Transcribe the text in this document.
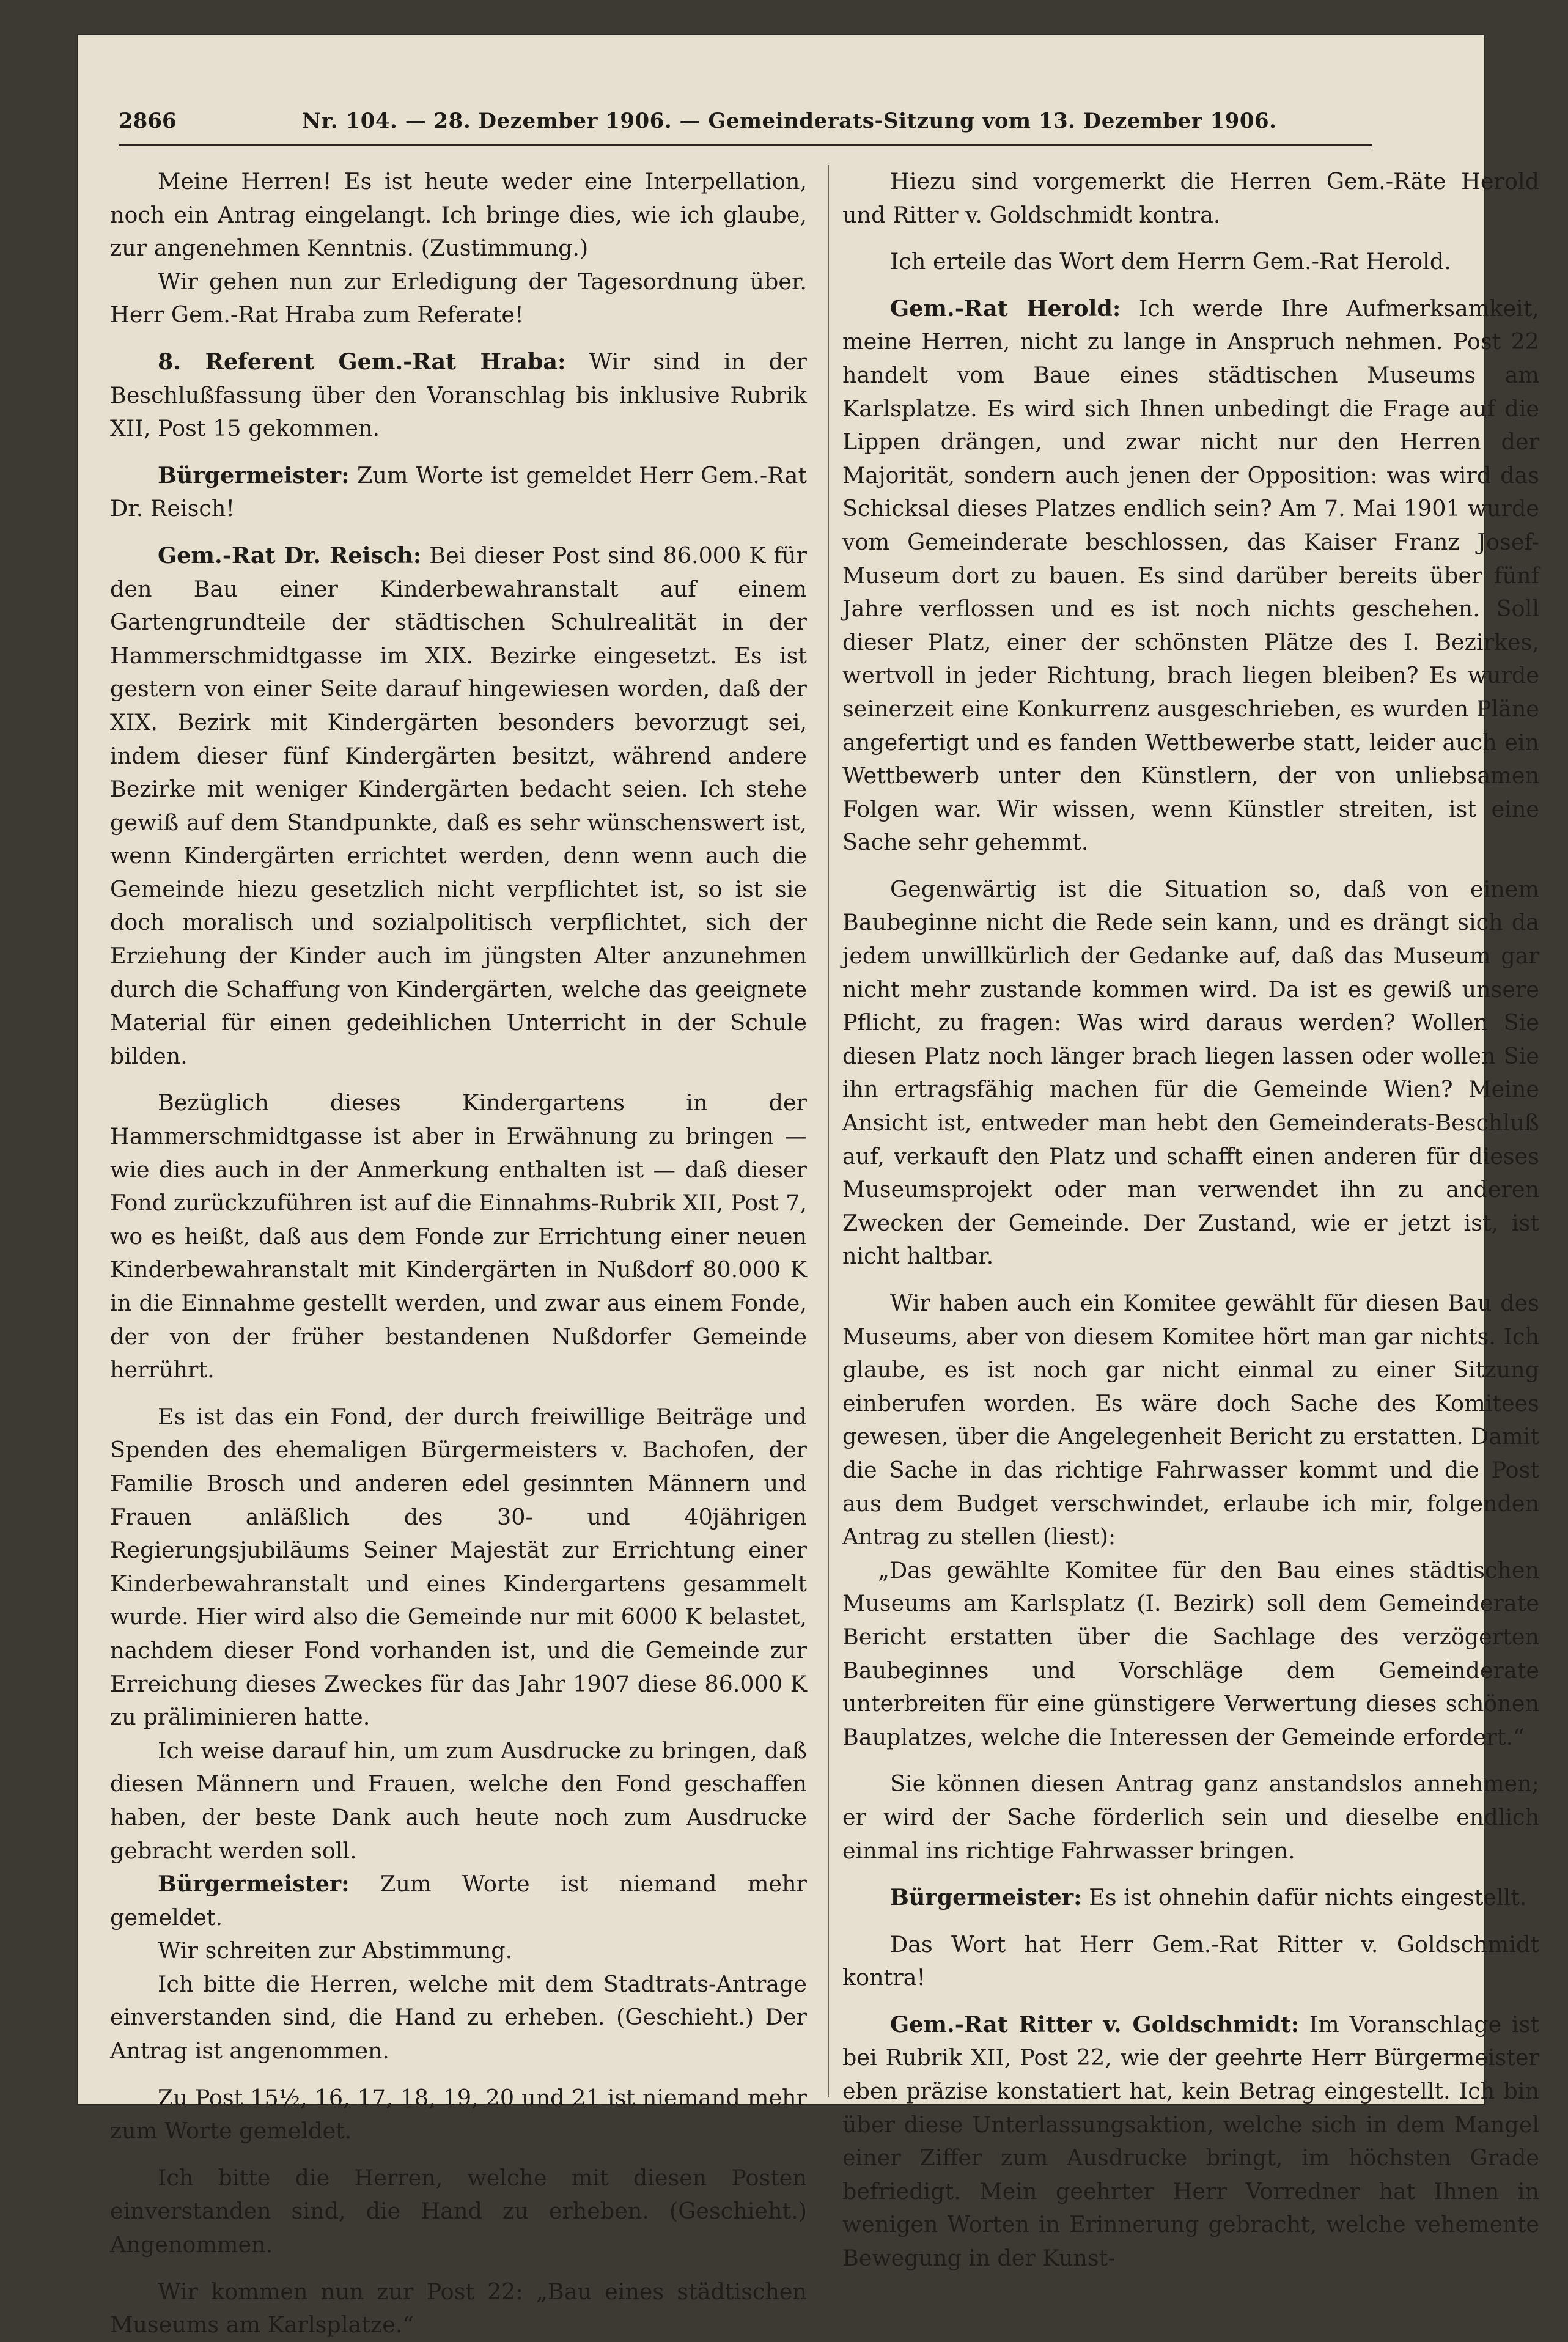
2866	Nr. 104. — 28. Dezember 1906. — Gemeinderats-Sitzung vom 13. Dezember 1906.

Meine Herren! Es ist heute weder eine Interpellation, noch ein Antrag eingelangt. Ich bringe dies, wie ich glaube, zur angenehmen Kenntnis. (Zustimmung.)

Wir gehen nun zur Erledigung der Tagesordnung über. Herr Gem.-Rat Hraba zum Referate!

8. Referent Gem.-Rat Hraba: Wir sind in der Beschlußfassung über den Voranschlag bis inklusive Rubrik XII, Post 15 gekommen.

Bürgermeister: Zum Worte ist gemeldet Herr Gem.-Rat Dr. Reisch!

Gem.-Rat Dr. Reisch: Bei dieser Post sind 86.000 K für den Bau einer Kinderbewahranstalt auf einem Gartengrundteile der städtischen Schulrealität in der Hammerschmidtgasse im XIX. Bezirke eingesetzt. Es ist gestern von einer Seite darauf hingewiesen worden, daß der XIX. Bezirk mit Kindergärten besonders bevorzugt sei, indem dieser fünf Kindergärten besitzt, während andere Bezirke mit weniger Kindergärten bedacht seien. Ich stehe gewiß auf dem Standpunkte, daß es sehr wünschenswert ist, wenn Kindergärten errichtet werden, denn wenn auch die Gemeinde hiezu gesetzlich nicht verpflichtet ist, so ist sie doch moralisch und sozialpolitisch verpflichtet, sich der Erziehung der Kinder auch im jüngsten Alter anzunehmen durch die Schaffung von Kindergärten, welche das geeignete Material für einen gedeihlichen Unterricht in der Schule bilden.

Bezüglich dieses Kindergartens in der Hammerschmidtgasse ist aber in Erwähnung zu bringen — wie dies auch in der Anmerkung enthalten ist — daß dieser Fond zurückzuführen ist auf die Einnahms-Rubrik XII, Post 7, wo es heißt, daß aus dem Fonde zur Errichtung einer neuen Kinderbewahranstalt mit Kindergärten in Nußdorf 80.000 K in die Einnahme gestellt werden, und zwar aus einem Fonde, der von der früher bestandenen Nußdorfer Gemeinde herrührt.

Es ist das ein Fond, der durch freiwillige Beiträge und Spenden des ehemaligen Bürgermeisters v. Bachofen, der Familie Brosch und anderen edel gesinnten Männern und Frauen anläßlich des 30- und 40jährigen Regierungsjubiläums Seiner Majestät zur Errichtung einer Kinderbewahranstalt und eines Kindergartens gesammelt wurde. Hier wird also die Gemeinde nur mit 6000 K belastet, nachdem dieser Fond vorhanden ist, und die Gemeinde zur Erreichung dieses Zweckes für das Jahr 1907 diese 86.000 K zu präliminieren hatte.

Ich weise darauf hin, um zum Ausdrucke zu bringen, daß diesen Männern und Frauen, welche den Fond geschaffen haben, der beste Dank auch heute noch zum Ausdrucke gebracht werden soll.

Bürgermeister: Zum Worte ist niemand mehr gemeldet.

Wir schreiten zur Abstimmung.

Ich bitte die Herren, welche mit dem Stadtrats-Antrage einverstanden sind, die Hand zu erheben. (Geschieht.) Der Antrag ist angenommen.

Zu Post 15½, 16, 17, 18, 19, 20 und 21 ist niemand mehr zum Worte gemeldet.

Ich bitte die Herren, welche mit diesen Posten einverstanden sind, die Hand zu erheben. (Geschieht.) Angenommen.

Wir kommen nun zur Post 22: „Bau eines städtischen Museums am Karlsplatze.“

Hiezu sind vorgemerkt die Herren Gem.-Räte Herold und Ritter v. Goldschmidt kontra.

Ich erteile das Wort dem Herrn Gem.-Rat Herold.

Gem.-Rat Herold: Ich werde Ihre Aufmerksamkeit, meine Herren, nicht zu lange in Anspruch nehmen. Post 22 handelt vom Baue eines städtischen Museums am Karlsplatze. Es wird sich Ihnen unbedingt die Frage auf die Lippen drängen, und zwar nicht nur den Herren der Majorität, sondern auch jenen der Opposition: was wird das Schicksal dieses Platzes endlich sein? Am 7. Mai 1901 wurde vom Gemeinderate beschlossen, das Kaiser Franz Josef-Museum dort zu bauen. Es sind darüber bereits über fünf Jahre verflossen und es ist noch nichts geschehen. Soll dieser Platz, einer der schönsten Plätze des I. Bezirkes, wertvoll in jeder Richtung, brach liegen bleiben? Es wurde seinerzeit eine Konkurrenz ausgeschrieben, es wurden Pläne angefertigt und es fanden Wettbewerbe statt, leider auch ein Wettbewerb unter den Künstlern, der von unliebsamen Folgen war. Wir wissen, wenn Künstler streiten, ist eine Sache sehr gehemmt.

Gegenwärtig ist die Situation so, daß von einem Baubeginne nicht die Rede sein kann, und es drängt sich da jedem unwillkürlich der Gedanke auf, daß das Museum gar nicht mehr zustande kommen wird. Da ist es gewiß unsere Pflicht, zu fragen: Was wird daraus werden? Wollen Sie diesen Platz noch länger brach liegen lassen oder wollen Sie ihn ertragsfähig machen für die Gemeinde Wien? Meine Ansicht ist, entweder man hebt den Gemeinderats-Beschluß auf, verkauft den Platz und schafft einen anderen für dieses Museumsprojekt oder man verwendet ihn zu anderen Zwecken der Gemeinde. Der Zustand, wie er jetzt ist, ist nicht haltbar.

Wir haben auch ein Komitee gewählt für diesen Bau des Museums, aber von diesem Komitee hört man gar nichts. Ich glaube, es ist noch gar nicht einmal zu einer Sitzung einberufen worden. Es wäre doch Sache des Komitees gewesen, über die Angelegenheit Bericht zu erstatten. Damit die Sache in das richtige Fahrwasser kommt und die Post aus dem Budget verschwindet, erlaube ich mir, folgenden Antrag zu stellen (liest):

„Das gewählte Komitee für den Bau eines städtischen Museums am Karlsplatz (I. Bezirk) soll dem Gemeinderate Bericht erstatten über die Sachlage des verzögerten Baubeginnes und Vorschläge dem Gemeinderate unterbreiten für eine günstigere Verwertung dieses schönen Bauplatzes, welche die Interessen der Gemeinde erfordert.“

Sie können diesen Antrag ganz anstandslos annehmen; er wird der Sache förderlich sein und dieselbe endlich einmal ins richtige Fahrwasser bringen.

Bürgermeister: Es ist ohnehin dafür nichts eingestellt.

Das Wort hat Herr Gem.-Rat Ritter v. Goldschmidt kontra!

Gem.-Rat Ritter v. Goldschmidt: Im Voranschlage ist bei Rubrik XII, Post 22, wie der geehrte Herr Bürgermeister eben präzise konstatiert hat, kein Betrag eingestellt. Ich bin über diese Unterlassungsaktion, welche sich in dem Mangel einer Ziffer zum Ausdrucke bringt, im höchsten Grade befriedigt. Mein geehrter Herr Vorredner hat Ihnen in wenigen Worten in Erinnerung gebracht, welche vehemente Bewegung in der Kunst-
